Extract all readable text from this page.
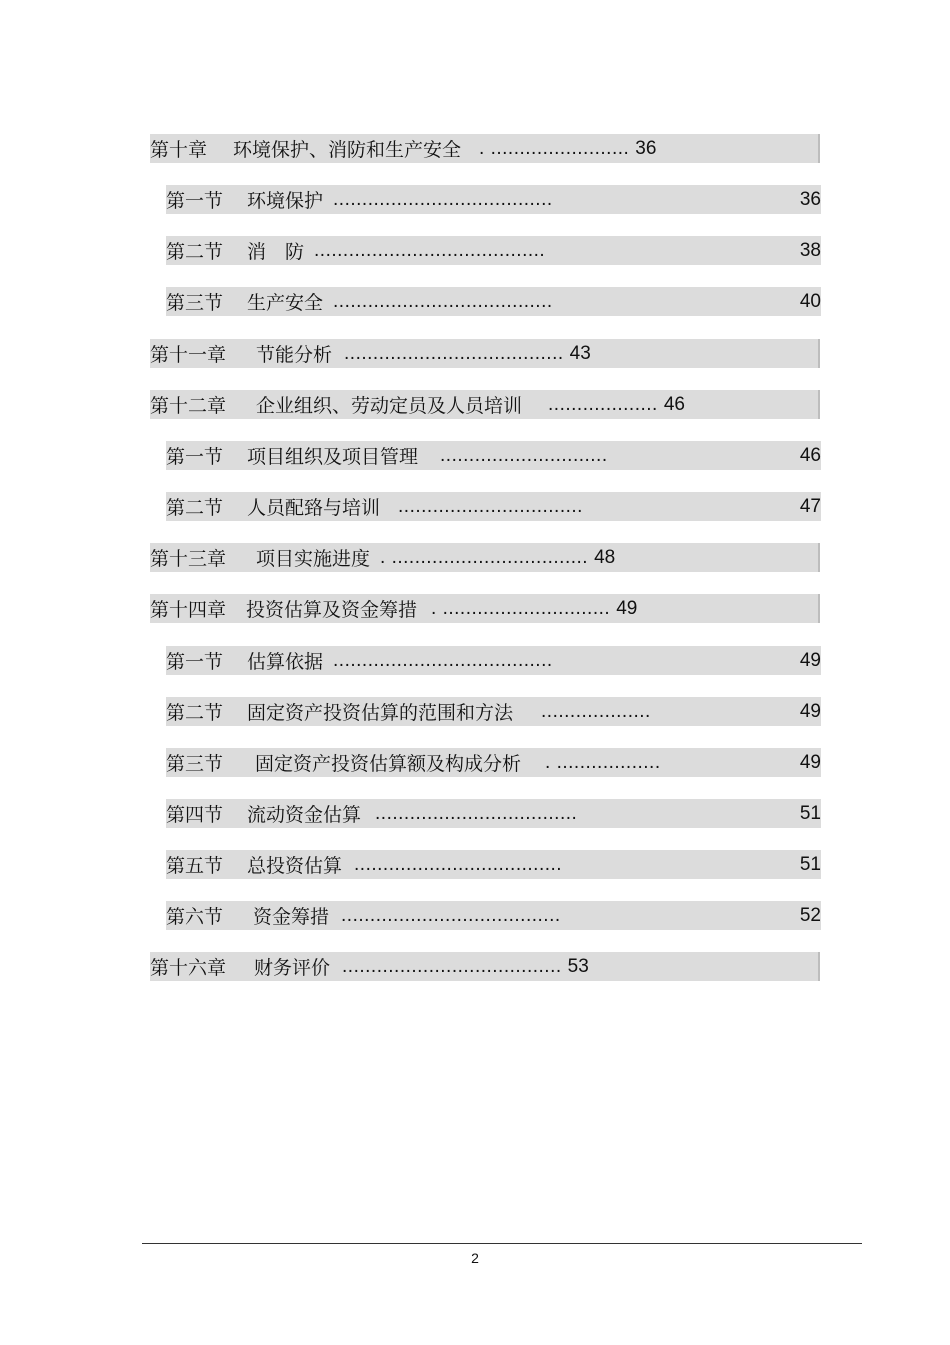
第十章 环境保护、消防和生产安全 . ........................ 36
第一节 环境保护 ......................................	36
第二节 消　防 ........................................	38
第三节 生产安全 ......................................	40
第十一章 节能分析 ...................................... 43
第十二章 企业组织、劳动定员及人员培训 ................... 46
第一节 项目组织及项目管理 .............................	46
第二节 人员配臵与培训 ................................	47
第十三章 项目实施进度 . .................................. 48
第十四章 投资估算及资金筹措 . ............................. 49
第一节 估算依据 ......................................	49
第二节 固定资产投资估算的范围和方法 ...................	49
第三节 固定资产投资估算额及构成分析 . ..................	49
第四节 流动资金估算 ...................................	51
第五节 总投资估算 ....................................	51
第六节 资金筹措 ......................................	52
第十六章 财务评价 ...................................... 53
2
